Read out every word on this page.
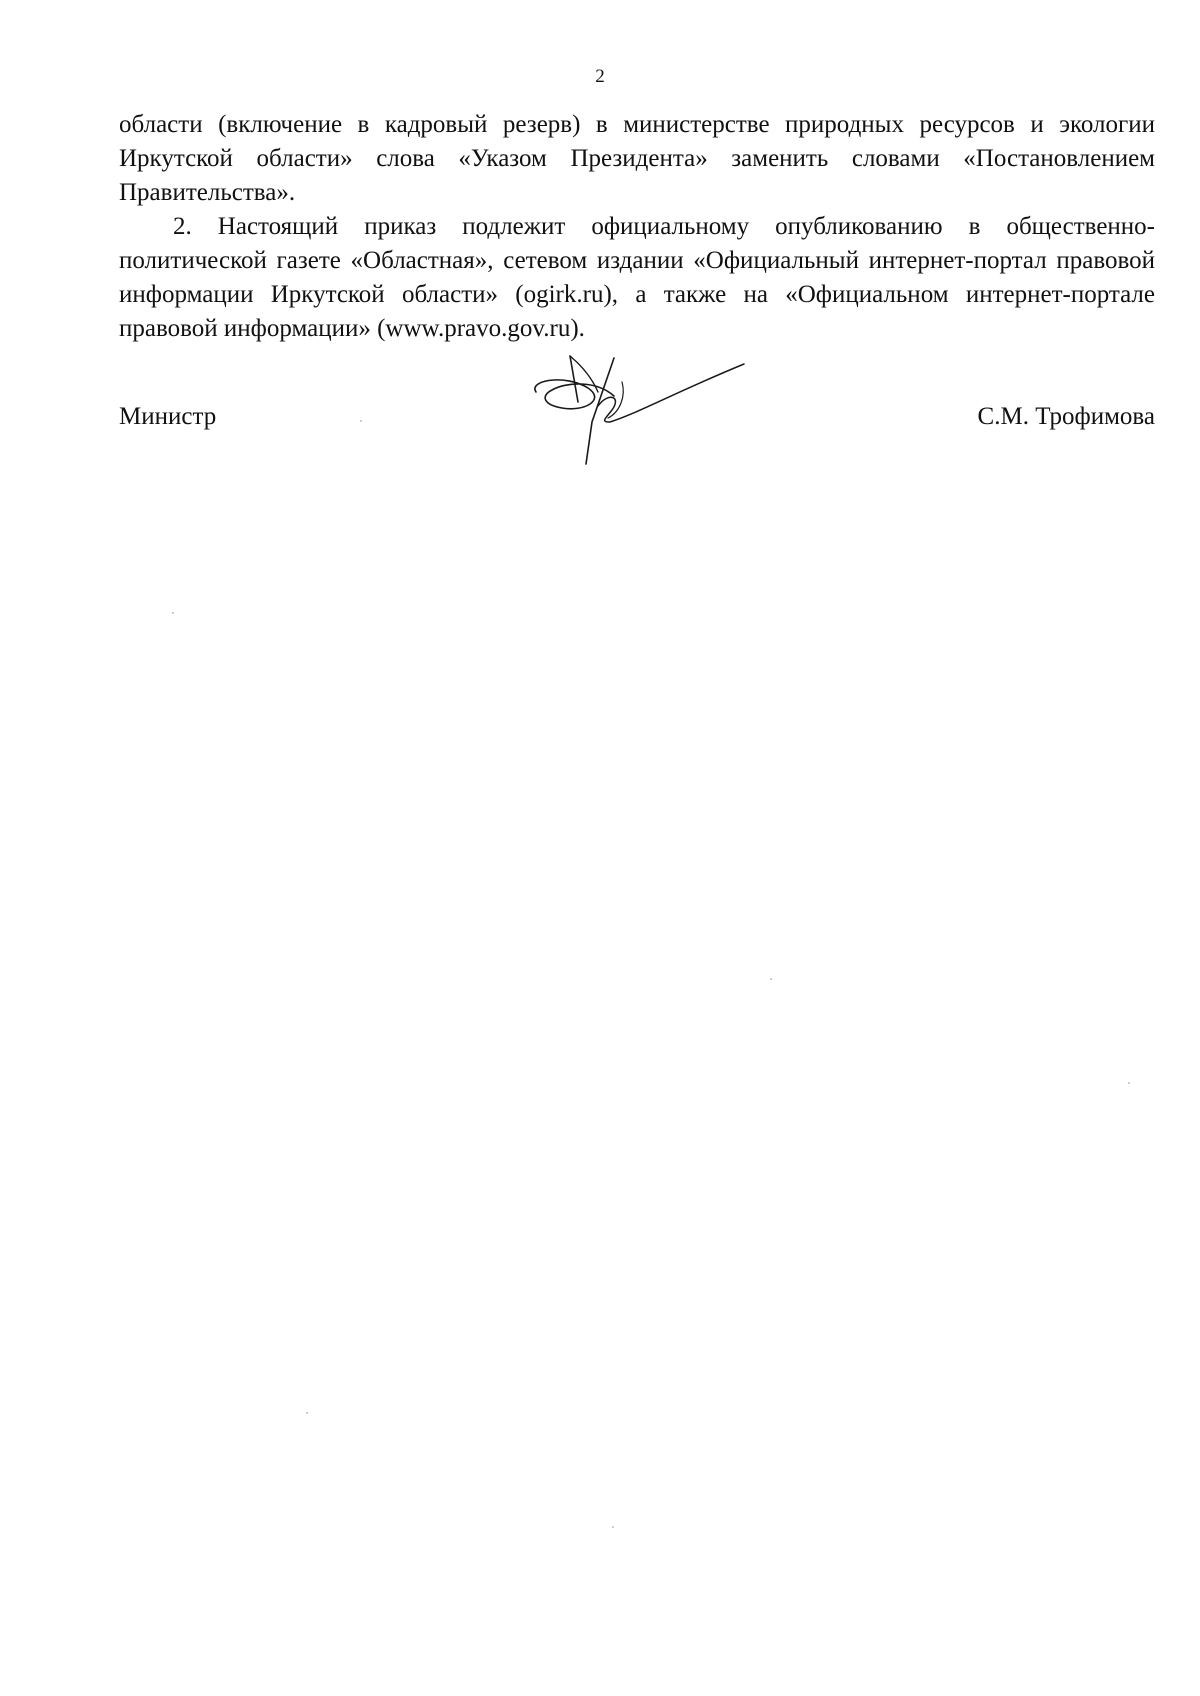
2

области (включение в кадровый резерв) в министерстве природных ресурсов и экологии Иркутской области» слова «Указом Президента» заменить словами «Постановлением Правительства».

2. Настоящий приказ подлежит официальному опубликованию в общественно-политической газете «Областная», сетевом издании «Официальный интернет-портал правовой информации Иркутской области» (ogirk.ru), а также на «Официальном интернет-портале правовой информации» (www.pravo.gov.ru).

Министр	С.М. Трофимова
